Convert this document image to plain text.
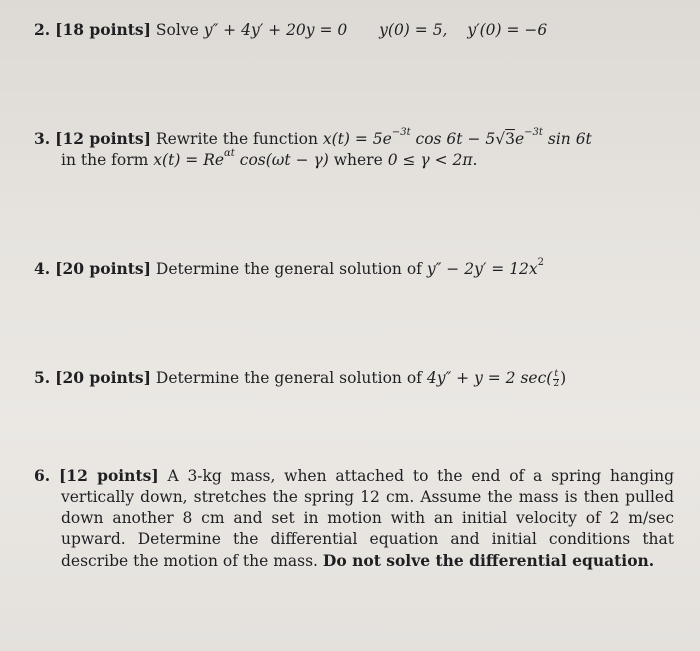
2. [18 points] Solve y″ + 4y′ + 20y = 0 y(0) = 5, y′(0) = −6
3. [12 points] Rewrite the function $x(t) = 5e^{-3t}$ $\cos 6t - 5√3e^{-3t}$ sin 6t
in the form $x(t) = Re^{\alpha t}$ cos(ωt − γ) where 0 ≤ γ < 2π.
4. [20 points] Determine the general solution of $y'' - 2y' = 12x^2$
5. [20 points] Determine the general solution of 4y″ + y = 2 $\sec( \frac{t}{2}$ )
6. [12 points] A 3-kg mass, when attached to the end of a spring hanging vertically down, stretches the spring 12 cm. Assume the mass is then pulled down another 8 cm and set in motion with an initial velocity of 2 m/sec upward. Determine the differential equation and initial conditions that describe the motion of the mass. Do not solve the differential equation.
